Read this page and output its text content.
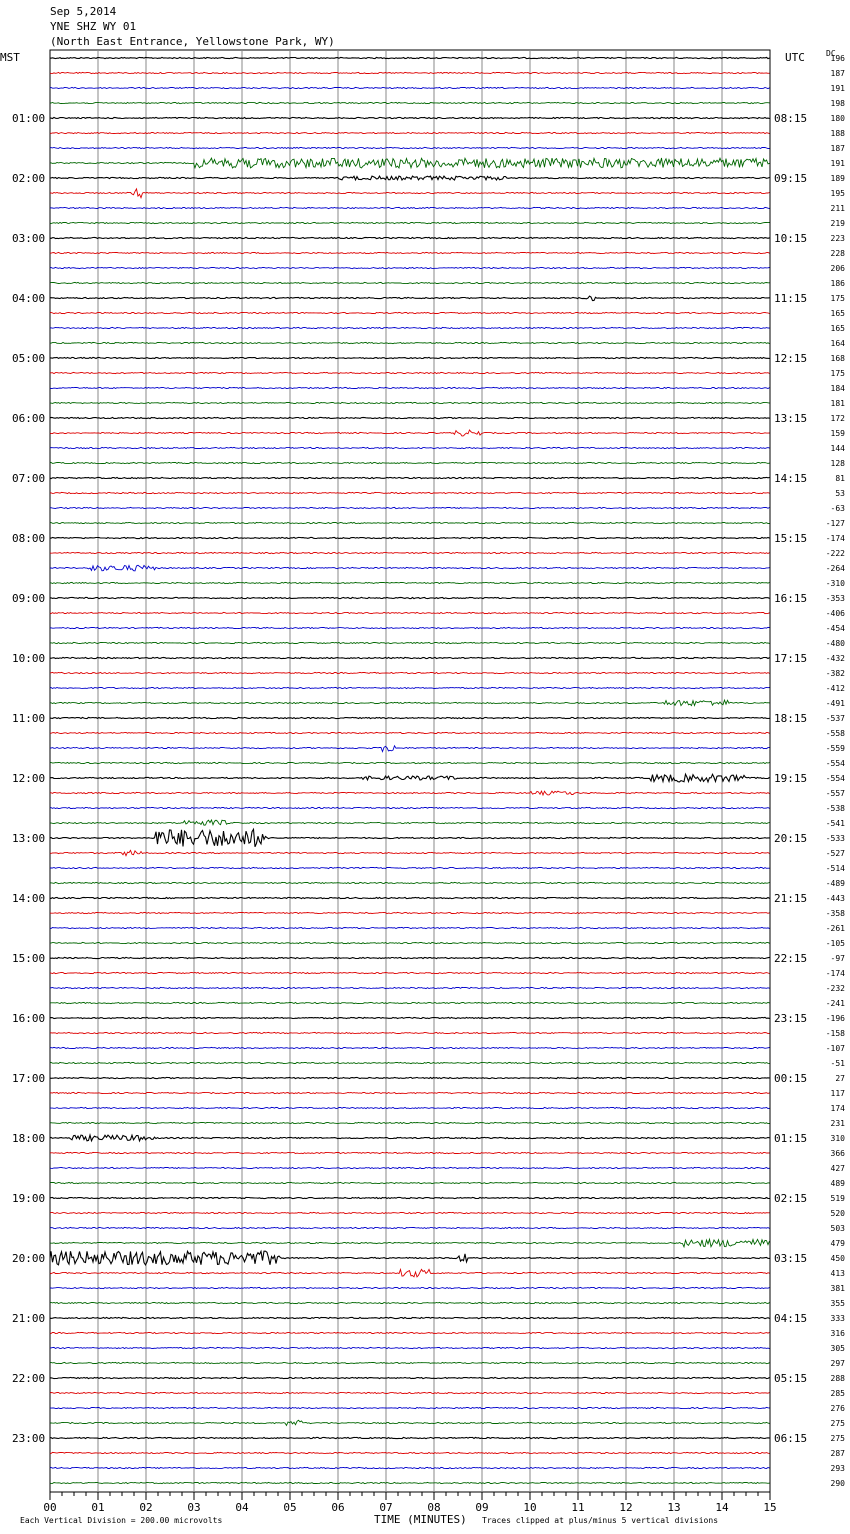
Sep 5,2014
YNE SHZ WY 01
(North East Entrance, Yellowstone Park, WY)
196
187
191
198
180
188
187
191
189
195
211
219
223
228
206
186
175
165
165
164
168
175
184
181
172
159
144
128
81
53
-63
-127
-174
-222
-264
-310
-353
-406
-454
-480
-432
-382
-412
-491
-537
-558
-559
-554
-554
-557
-538
-541
-533
-527
-514
-489
-443
-358
-261
-105
-97
-174
-232
-241
-196
-158
-107
-51
27
117
174
231
310
366
427
489
519
520
503
479
450
413
381
355
333
316
305
297
288
285
276
275
275
287
293
290
DC
MST	UTC
01:00
02:00
03:00
04:00
05:00
06:00
07:00
08:00
09:00
10:00
11:00
12:00
13:00
14:00
15:00
16:00
17:00
18:00
19:00
20:00
21:00
22:00
23:00
08:15
09:15
10:15
11:15
12:15
13:15
14:15
15:15
16:15
17:15
18:15
19:15
20:15
21:15
22:15
23:15
00:15
01:15
02:15
03:15
04:15
05:15
06:15
00	01	02	03	04	05	06	07	08	09	10	11	12	13	14	15
Each Vertical Division = 200.00 microvolts	TIME (MINUTES) Traces clipped at plus/minus 5 vertical divisions
